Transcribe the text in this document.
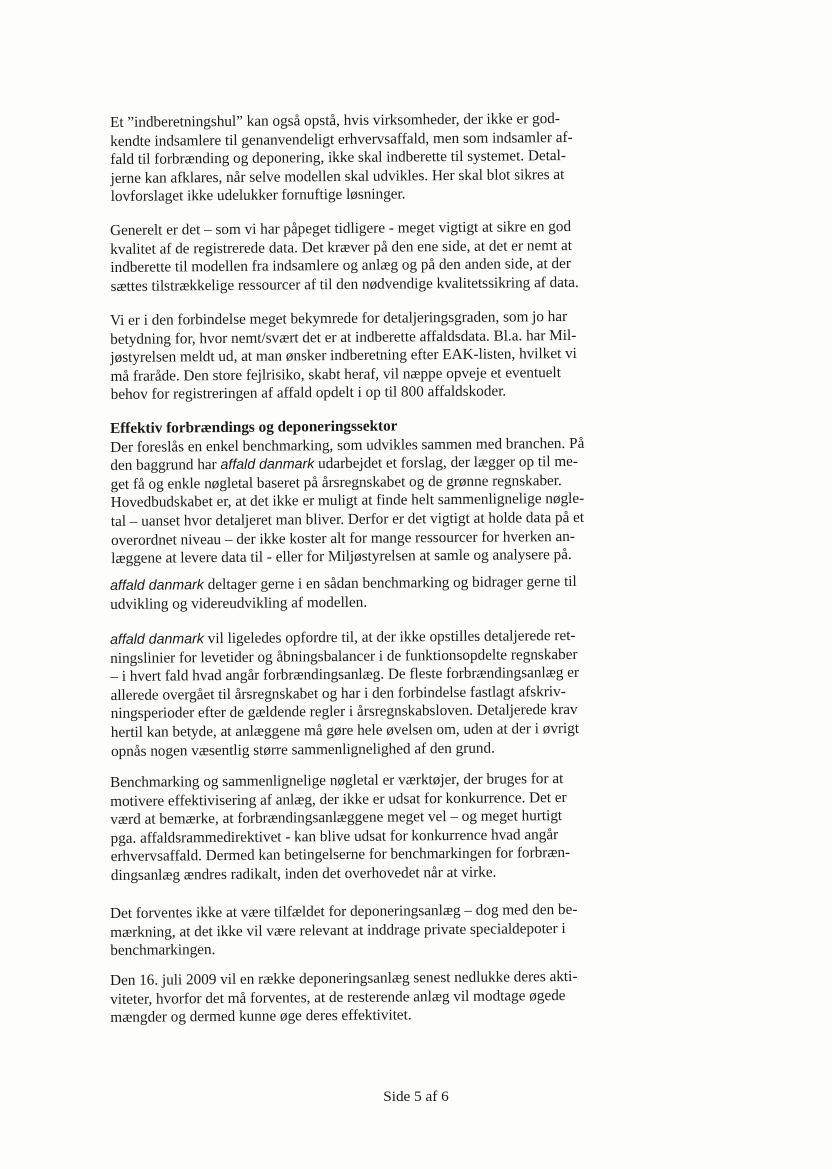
Et ”indberetningshul” kan også opstå, hvis virksomheder, der ikke er god-
kendte indsamlere til genanvendeligt erhvervsaffald, men som indsamler af-
fald til forbrænding og deponering, ikke skal indberette til systemet. Detal-
jerne kan afklares, når selve modellen skal udvikles. Her skal blot sikres at
lovforslaget ikke udelukker fornuftige løsninger.
Generelt er det – som vi har påpeget tidligere - meget vigtigt at sikre en god
kvalitet af de registrerede data. Det kræver på den ene side, at det er nemt at
indberette til modellen fra indsamlere og anlæg og på den anden side, at der
sættes tilstrækkelige ressourcer af til den nødvendige kvalitetssikring af data.
Vi er i den forbindelse meget bekymrede for detaljeringsgraden, som jo har
betydning for, hvor nemt/svært det er at indberette affaldsdata. Bl.a. har Mil-
jøstyrelsen meldt ud, at man ønsker indberetning efter EAK-listen, hvilket vi
må fraråde. Den store fejlrisiko, skabt heraf, vil næppe opveje et eventuelt
behov for registreringen af affald opdelt i op til 800 affaldskoder.
Effektiv forbrændings og deponeringssektor
Der foreslås en enkel benchmarking, som udvikles sammen med branchen. På
den baggrund har affald danmark udarbejdet et forslag, der lægger op til me-
get få og enkle nøgletal baseret på årsregnskabet og de grønne regnskaber.
Hovedbudskabet er, at det ikke er muligt at finde helt sammenlignelige nøgle-
tal – uanset hvor detaljeret man bliver. Derfor er det vigtigt at holde data på et
overordnet niveau – der ikke koster alt for mange ressourcer for hverken an-
læggene at levere data til - eller for Miljøstyrelsen at samle og analysere på.
affald danmark deltager gerne i en sådan benchmarking og bidrager gerne til
udvikling og videreudvikling af modellen.
affald danmark vil ligeledes opfordre til, at der ikke opstilles detaljerede ret-
ningslinier for levetider og åbningsbalancer i de funktionsopdelte regnskaber
– i hvert fald hvad angår forbrændingsanlæg. De fleste forbrændingsanlæg er
allerede overgået til årsregnskabet og har i den forbindelse fastlagt afskriv-
ningsperioder efter de gældende regler i årsregnskabsloven. Detaljerede krav
hertil kan betyde, at anlæggene må gøre hele øvelsen om, uden at der i øvrigt
opnås nogen væsentlig større sammenlignelighed af den grund.
Benchmarking og sammenlignelige nøgletal er værktøjer, der bruges for at
motivere effektivisering af anlæg, der ikke er udsat for konkurrence. Det er
værd at bemærke, at forbrændingsanlæggene meget vel – og meget hurtigt
pga. affaldsrammedirektivet - kan blive udsat for konkurrence hvad angår
erhvervsaffald. Dermed kan betingelserne for benchmarkingen for forbræn-
dingsanlæg ændres radikalt, inden det overhovedet når at virke.
Det forventes ikke at være tilfældet for deponeringsanlæg – dog med den be-
mærkning, at det ikke vil være relevant at inddrage private specialdepoter i
benchmarkingen.
Den 16. juli 2009 vil en række deponeringsanlæg senest nedlukke deres akti-
viteter, hvorfor det må forventes, at de resterende anlæg vil modtage øgede
mængder og dermed kunne øge deres effektivitet.
Side 5 af 6
